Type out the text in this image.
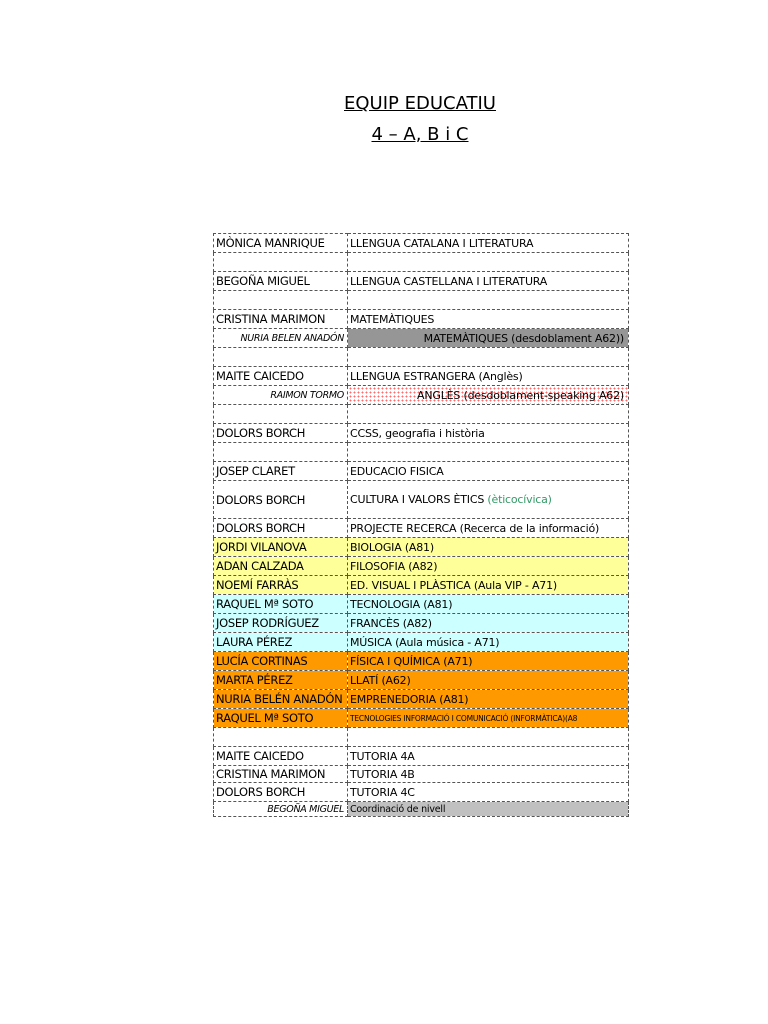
EQUIP EDUCATIU
4 – A, B i C
MÒNICA MANRIQUE	LLENGUA CATALANA I LITERATURA

BEGOÑA MIGUEL	LLENGUA CASTELLANA I LITERATURA

CRISTINA MARIMON	MATEMÀTIQUES
NURIA BELEN ANADÓN	MATEMÀTIQUES (desdoblament A62))

MAITE CAICEDO	LLENGUA ESTRANGERA (Anglès)
RAIMON TORMO	ANGLÈS (desdoblament-speaking A62)

DOLORS BORCH	CCSS, geografia i història

JOSEP CLARET	EDUCACIO FISICA
DOLORS BORCH	CULTURA I VALORS ÈTICS (èticocívica)
DOLORS BORCH	PROJECTE RECERCA (Recerca de la informació)
JORDI VILANOVA	BIOLOGIA (A81)
ADAN CALZADA	FILOSOFIA (A82)
NOEMÍ FARRÀS	ED. VISUAL I PLÀSTICA (Aula VIP - A71)
RAQUEL Mª SOTO	TECNOLOGIA (A81)
JOSEP RODRÍGUEZ	FRANCÈS (A82)
LAURA PÉREZ	MÚSICA (Aula música - A71)
LUCÍA CORTINAS	FÍSICA I QUÍMICA (A71)
MARTA PÉREZ	LLATÍ (A62)
NURIA BELÉN ANADÓN	EMPRENEDORIA (A81)
RAQUEL Mª SOTO	TECNOLOGIES INFORMACIÓ I COMUNICACIÓ (INFORMÀTICA)(A8

MAITE CAICEDO	TUTORIA 4A
CRISTINA MARIMON	TUTORIA 4B
DOLORS BORCH	TUTORIA 4C
BEGOÑA MIGUEL	Coordinació de nivell
